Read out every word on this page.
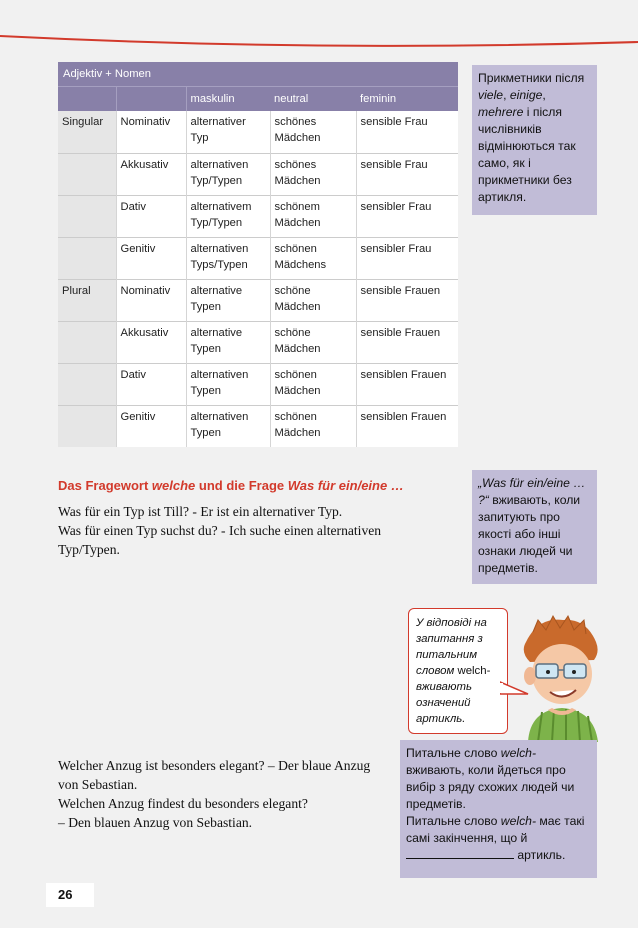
Adjektiv + Nomen				
		maskulin	neutral	feminin
Singular	Nominativ	alternativer Typ	schönes Mädchen	sensible Frau
	Akkusativ	alternativen Typ/Typen	schönes Mädchen	sensible Frau
	Dativ	alternativem Typ/Typen	schönem Mädchen	sensibler Frau
	Genitiv	alternativen Typs/Typen	schönen Mädchens	sensibler Frau
Plural	Nominativ	alternative Typen	schöne Mädchen	sensible Frauen
	Akkusativ	alternative Typen	schöne Mädchen	sensible Frauen
	Dativ	alternativen Typen	schönen Mädchen	sensiblen Frauen
	Genitiv	alternativen Typen	schönen Mädchen	sensiblen Frauen
Прикметники після viele, einige, mehrere і після числівників відмінюються так само, як і прикметники без артикля.
Das Fragewort welche und die Frage Was für ein/eine …
Was für ein Typ ist Till? - Er ist ein alternativer Typ.
Was für einen Typ suchst du? - Ich suche einen alternativen Typ/Typen.
„Was für ein/eine … ?“ вживають, коли запитують про якості або інші ознаки людей чи предметів.
У відповіді на запитання з питальним словом welch- вживають означений артикль.
Welcher Anzug ist besonders elegant? – Der blaue Anzug von Sebastian.
Welchen Anzug findest du besonders elegant?
– Den blauen Anzug von Sebastian.
Питальне слово welch- вживають, коли йдеться про вибір з ряду схожих людей чи предметів.
Питальне слово welch- має такі самі закінчення, що й  артикль.
26
